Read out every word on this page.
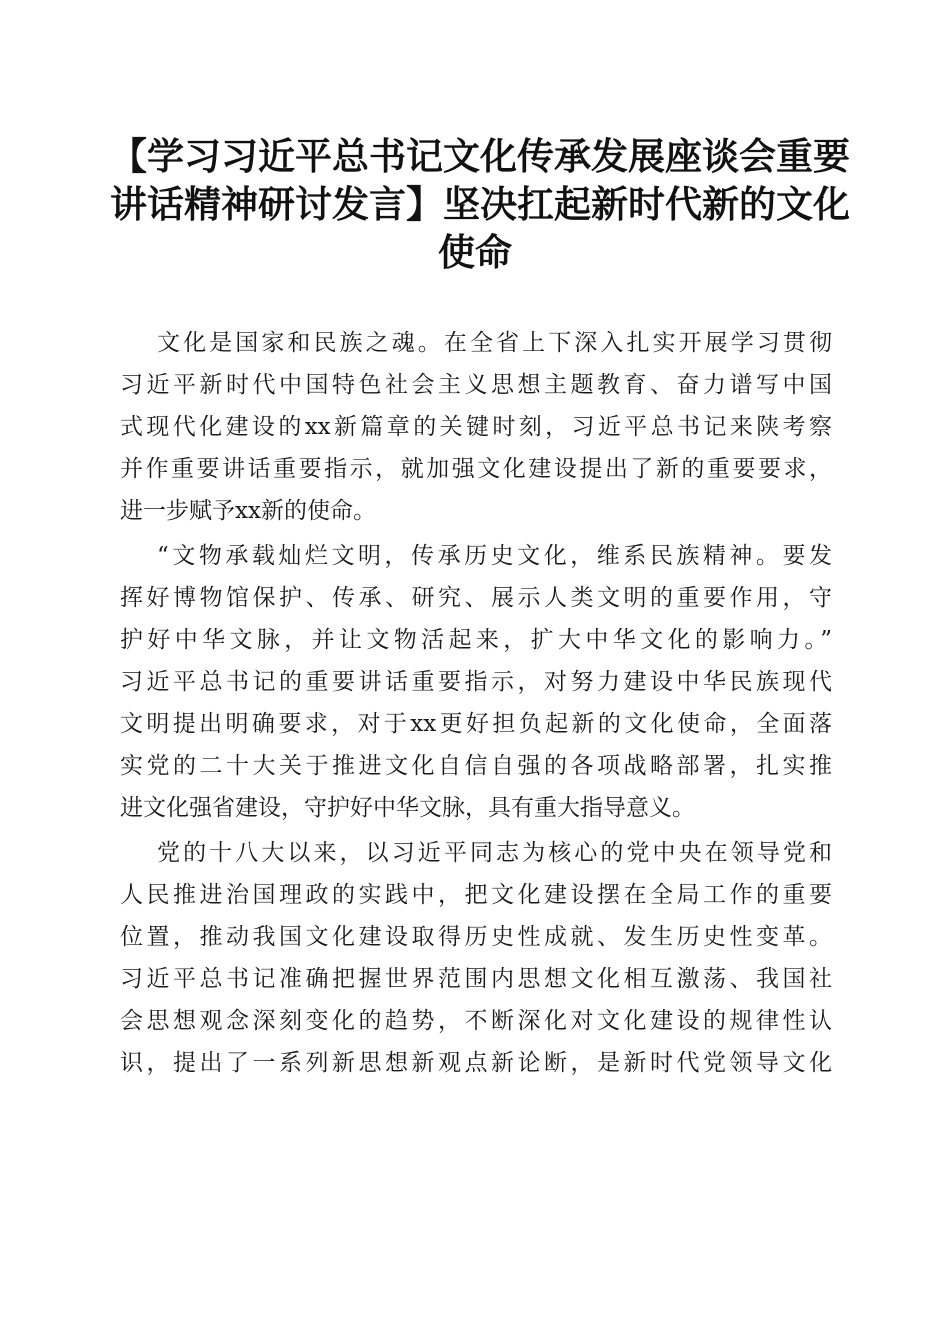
【学习习近平总书记文化传承发展座谈会重要
讲话精神研讨发言】坚决扛起新时代新的文化
使命
文化是国家和民族之魂。在全省上下深入扎实开展学习贯彻
习近平新时代中国特色社会主义思想主题教育、奋力谱写中国
式现代化建设的xx新篇章的关键时刻，习近平总书记来陕考察
并作重要讲话重要指示，就加强文化建设提出了新的重要要求，
进一步赋予xx新的使命。
“文物承载灿烂文明，传承历史文化，维系民族精神。要发
挥好博物馆保护、传承、研究、展示人类文明的重要作用，守
护好中华文脉，并让文物活起来，扩大中华文化的影响力。”
习近平总书记的重要讲话重要指示，对努力建设中华民族现代
文明提出明确要求，对于xx更好担负起新的文化使命，全面落
实党的二十大关于推进文化自信自强的各项战略部署，扎实推
进文化强省建设，守护好中华文脉，具有重大指导意义。
党的十八大以来，以习近平同志为核心的党中央在领导党和
人民推进治国理政的实践中，把文化建设摆在全局工作的重要
位置，推动我国文化建设取得历史性成就、发生历史性变革。
习近平总书记准确把握世界范围内思想文化相互激荡、我国社
会思想观念深刻变化的趋势，不断深化对文化建设的规律性认
识，提出了一系列新思想新观点新论断，是新时代党领导文化
